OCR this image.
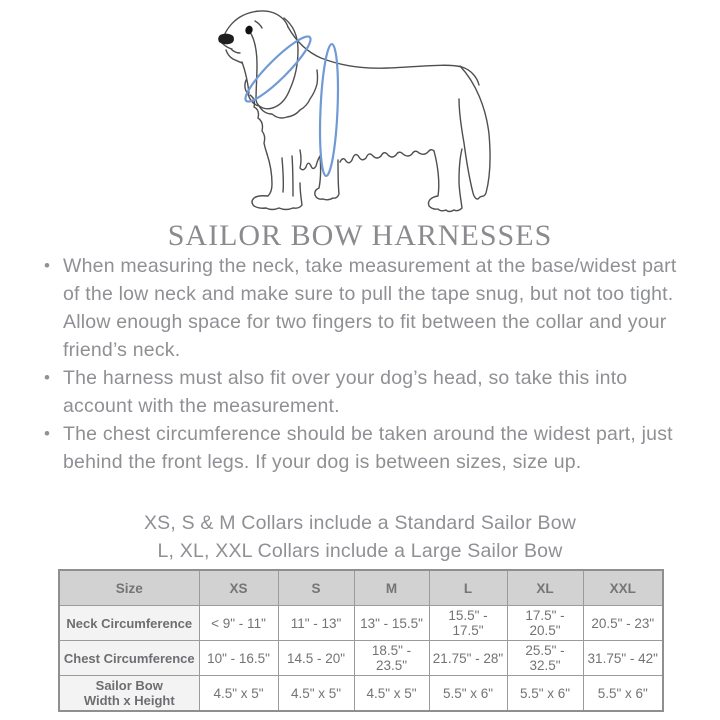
SAILOR BOW HARNESSES
• When measuring the neck, take measurement at the base/widest part of the low neck and make sure to pull the tape snug, but not too tight. Allow enough space for two fingers to fit between the collar and your friend’s neck.
• The harness must also fit over your dog’s head, so take this into account with the measurement.
• The chest circumference should be taken around the widest part, just behind the front legs. If your dog is between sizes, size up.
XS, S & M Collars include a Standard Sailor Bow
L, XL, XXL Collars include a Large Sailor Bow
Size	XS	S	M	L	XL	XXL
Neck Circumference	< 9" - 11"	11" - 13"	13" - 15.5"	15.5" - 17.5"	17.5" - 20.5"	20.5" - 23"
Chest Circumference	10" - 16.5"	14.5 - 20"	18.5" - 23.5"	21.75" - 28"	25.5" - 32.5"	31.75" - 42"

Sailor Bow
Width x Height	4.5" x 5"	4.5" x 5"	4.5" x 5"	5.5" x 6"	5.5" x 6"	5.5" x 6"
